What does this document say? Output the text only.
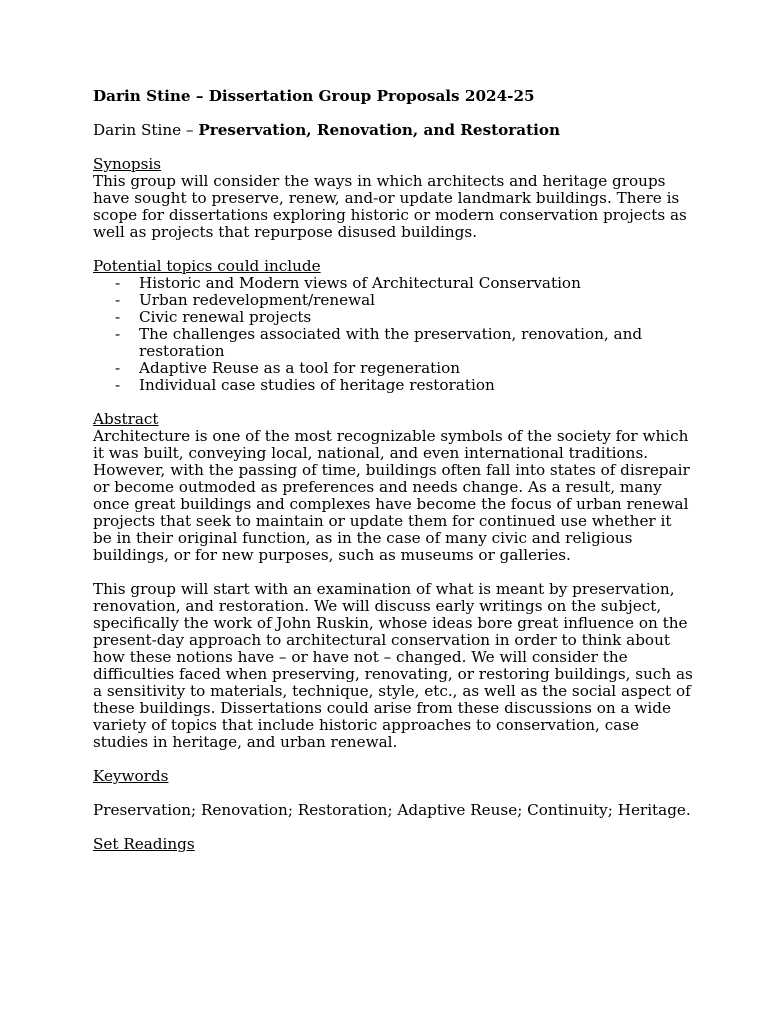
Darin Stine – Dissertation Group Proposals 2024-25

Darin Stine – Preservation, Renovation, and Restoration

Synopsis

This group will consider the ways in which architects and heritage groups have sought to preserve, renew, and-or update landmark buildings. There is scope for dissertations exploring historic or modern conservation projects as well as projects that repurpose disused buildings.

Potential topics could include

- Historic and Modern views of Architectural Conservation
- Urban redevelopment/renewal
- Civic renewal projects
- The challenges associated with the preservation, renovation, and restoration
- Adaptive Reuse as a tool for regeneration
- Individual case studies of heritage restoration

Abstract

Architecture is one of the most recognizable symbols of the society for which it was built, conveying local, national, and even international traditions. However, with the passing of time, buildings often fall into states of disrepair or become outmoded as preferences and needs change. As a result, many once great buildings and complexes have become the focus of urban renewal projects that seek to maintain or update them for continued use whether it be in their original function, as in the case of many civic and religious buildings, or for new purposes, such as museums or galleries.

This group will start with an examination of what is meant by preservation, renovation, and restoration. We will discuss early writings on the subject, specifically the work of John Ruskin, whose ideas bore great influence on the present-day approach to architectural conservation in order to think about how these notions have – or have not – changed. We will consider the difficulties faced when preserving, renovating, or restoring buildings, such as a sensitivity to materials, technique, style, etc., as well as the social aspect of these buildings. Dissertations could arise from these discussions on a wide variety of topics that include historic approaches to conservation, case studies in heritage, and urban renewal.

Keywords

Preservation; Renovation; Restoration; Adaptive Reuse; Continuity; Heritage.

Set Readings
